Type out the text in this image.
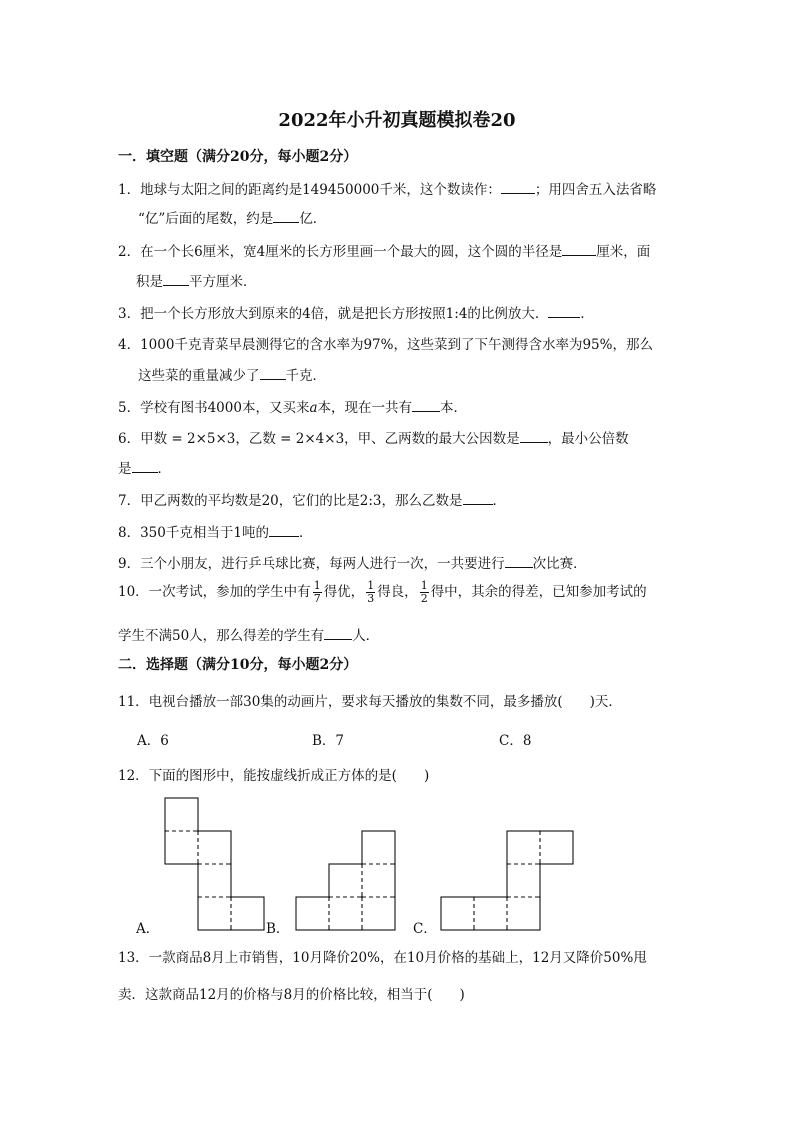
2022年小升初真题模拟卷20
一．填空题（满分20分，每小题2分）
1．地球与太阳之间的距离约是149450000千米，这个数读作：	；用四舍五入法省略
“亿”后面的尾数，约是 亿．
2．在一个长6厘米，宽4厘米的长方形里画一个最大的圆，这个圆的半径是	厘米，面
积是 平方厘米．
3．把一个长方形放大到原来的4倍，就是把长方形按照1:4的比例放大． ．
4．1000千克青菜早晨测得它的含水率为97%，这些菜到了下午测得含水率为95%，那么
这些菜的重量减少了 千克．
5．学校有图书4000本，又买来a本，现在一共有 本．
6．甲数 = 2×5×3，乙数 = 2×4×3，甲、乙两数的最大公因数是 ，最小公倍数
是 ．
7．甲乙两数的平均数是20，它们的比是2:3，那么乙数是 ．
8．350千克相当于1吨的 ．
9．三个小朋友，进行乒乓球比赛，每两人进行一次，一共要进行 次比赛．
10．一次考试，参加的学生中有 $\frac{1}{7}$ 得优， $\frac{1}{3}$ 得良， $\frac{1}{2}$ 得中，其余的得差，已知参加考试的
学生不满50人，那么得差的学生有 人．
二．选择题（满分10分，每小题2分）
11．电视台播放一部30集的动画片，要求每天播放的集数不同，最多播放(　　)天．
A．6	B．7	C．8
12．下面的图形中，能按虚线折成正方体的是(　　)
A．	B．	C．
13．一款商品8月上市销售，10月降价20%，在10月价格的基础上，12月又降价50%甩
卖．这款商品12月的价格与8月的价格比较，相当于(　　)
